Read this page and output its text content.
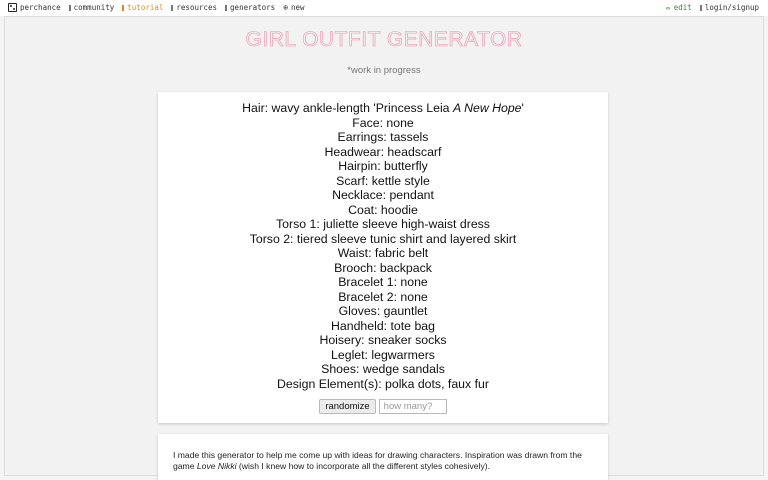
perchance community tutorial resources generators ⊕ new	✏ edit login/signup
GIRL OUTFIT GENERATOR
*work in progress
Hair: wavy ankle-length 'Princess Leia A New Hope'
Face: none
Earrings: tassels
Headwear: headscarf
Hairpin: butterfly
Scarf: kettle style
Necklace: pendant
Coat: hoodie
Torso 1: juliette sleeve high-waist dress
Torso 2: tiered sleeve tunic shirt and layered skirt
Waist: fabric belt
Brooch: backpack
Bracelet 1: none
Bracelet 2: none
Gloves: gauntlet
Handheld: tote bag
Hoisery: sneaker socks
Leglet: legwarmers
Shoes: wedge sandals
Design Element(s): polka dots, faux fur
randomize
how many?

I made this generator to help me come up with ideas for drawing characters. Inspiration was drawn from the game Love Nikki (wish I knew how to incorporate all the different styles cohesively).
